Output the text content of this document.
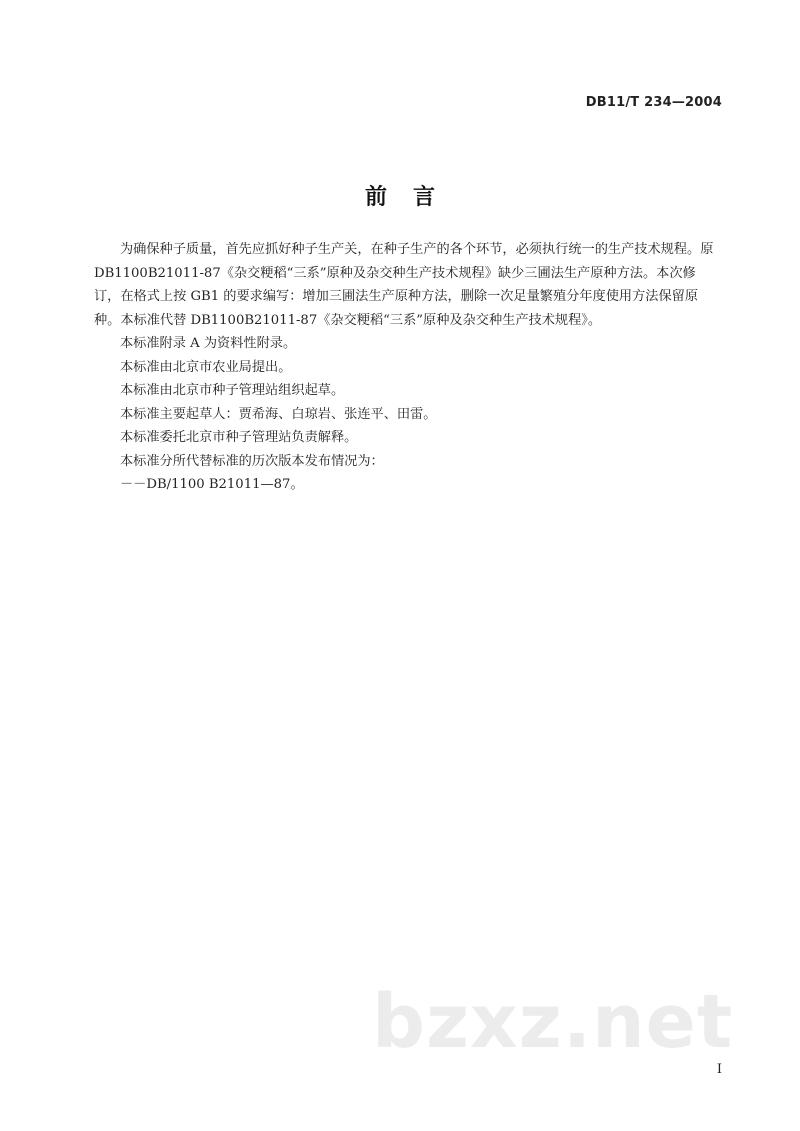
DB11/T 234—2004
前言

为确保种子质量，首先应抓好种子生产关，在种子生产的各个环节，必须执行统一的生产技术规程。原 DB1100B21011-87《杂交粳稻“三系”原种及杂交种生产技术规程》缺少三圃法生产原种方法。本次修订，在格式上按 GB1 的要求编写：增加三圃法生产原种方法，删除一次足量繁殖分年度使用方法保留原种。本标准代替 DB1100B21011-87《杂交粳稻“三系”原种及杂交种生产技术规程》。

本标准附录 A 为资料性附录。

本标准由北京市农业局提出。

本标准由北京市种子管理站组织起草。

本标准主要起草人：贾希海、白琼岩、张连平、田雷。

本标准委托北京市种子管理站负责解释。

本标准分所代替标准的历次版本发布情况为：

－－DB/1100 B21011—87。

bzxz.net
I
